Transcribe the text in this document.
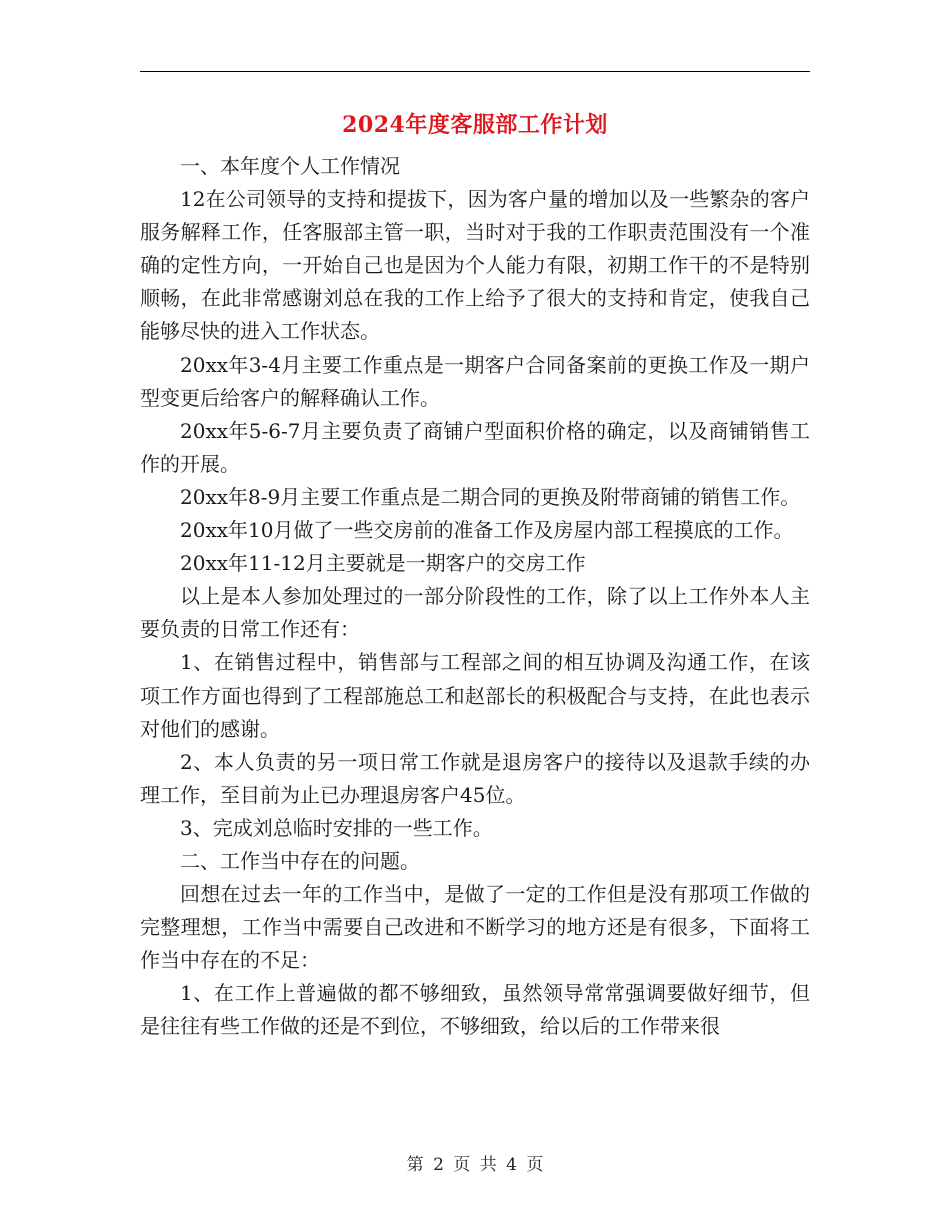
2024年度客服部工作计划

一、本年度个人工作情况

12在公司领导的支持和提拔下，因为客户量的增加以及一些繁杂的客户服务解释工作，任客服部主管一职，当时对于我的工作职责范围没有一个准确的定性方向，一开始自己也是因为个人能力有限，初期工作干的不是特别顺畅，在此非常感谢刘总在我的工作上给予了很大的支持和肯定，使我自己能够尽快的进入工作状态。

20xx年3-4月主要工作重点是一期客户合同备案前的更换工作及一期户型变更后给客户的解释确认工作。

20xx年5-6-7月主要负责了商铺户型面积价格的确定，以及商铺销售工作的开展。

20xx年8-9月主要工作重点是二期合同的更换及附带商铺的销售工作。

20xx年10月做了一些交房前的准备工作及房屋内部工程摸底的工作。

20xx年11-12月主要就是一期客户的交房工作

以上是本人参加处理过的一部分阶段性的工作，除了以上工作外本人主要负责的日常工作还有：

1、在销售过程中，销售部与工程部之间的相互协调及沟通工作，在该项工作方面也得到了工程部施总工和赵部长的积极配合与支持，在此也表示对他们的感谢。

2、本人负责的另一项日常工作就是退房客户的接待以及退款手续的办理工作，至目前为止已办理退房客户45位。

3、完成刘总临时安排的一些工作。

二、工作当中存在的问题。

回想在过去一年的工作当中，是做了一定的工作但是没有那项工作做的完整理想，工作当中需要自己改进和不断学习的地方还是有很多，下面将工作当中存在的不足：

1、在工作上普遍做的都不够细致，虽然领导常常强调要做好细节，但是往往有些工作做的还是不到位，不够细致，给以后的工作带来很

第 2 页 共 4 页
